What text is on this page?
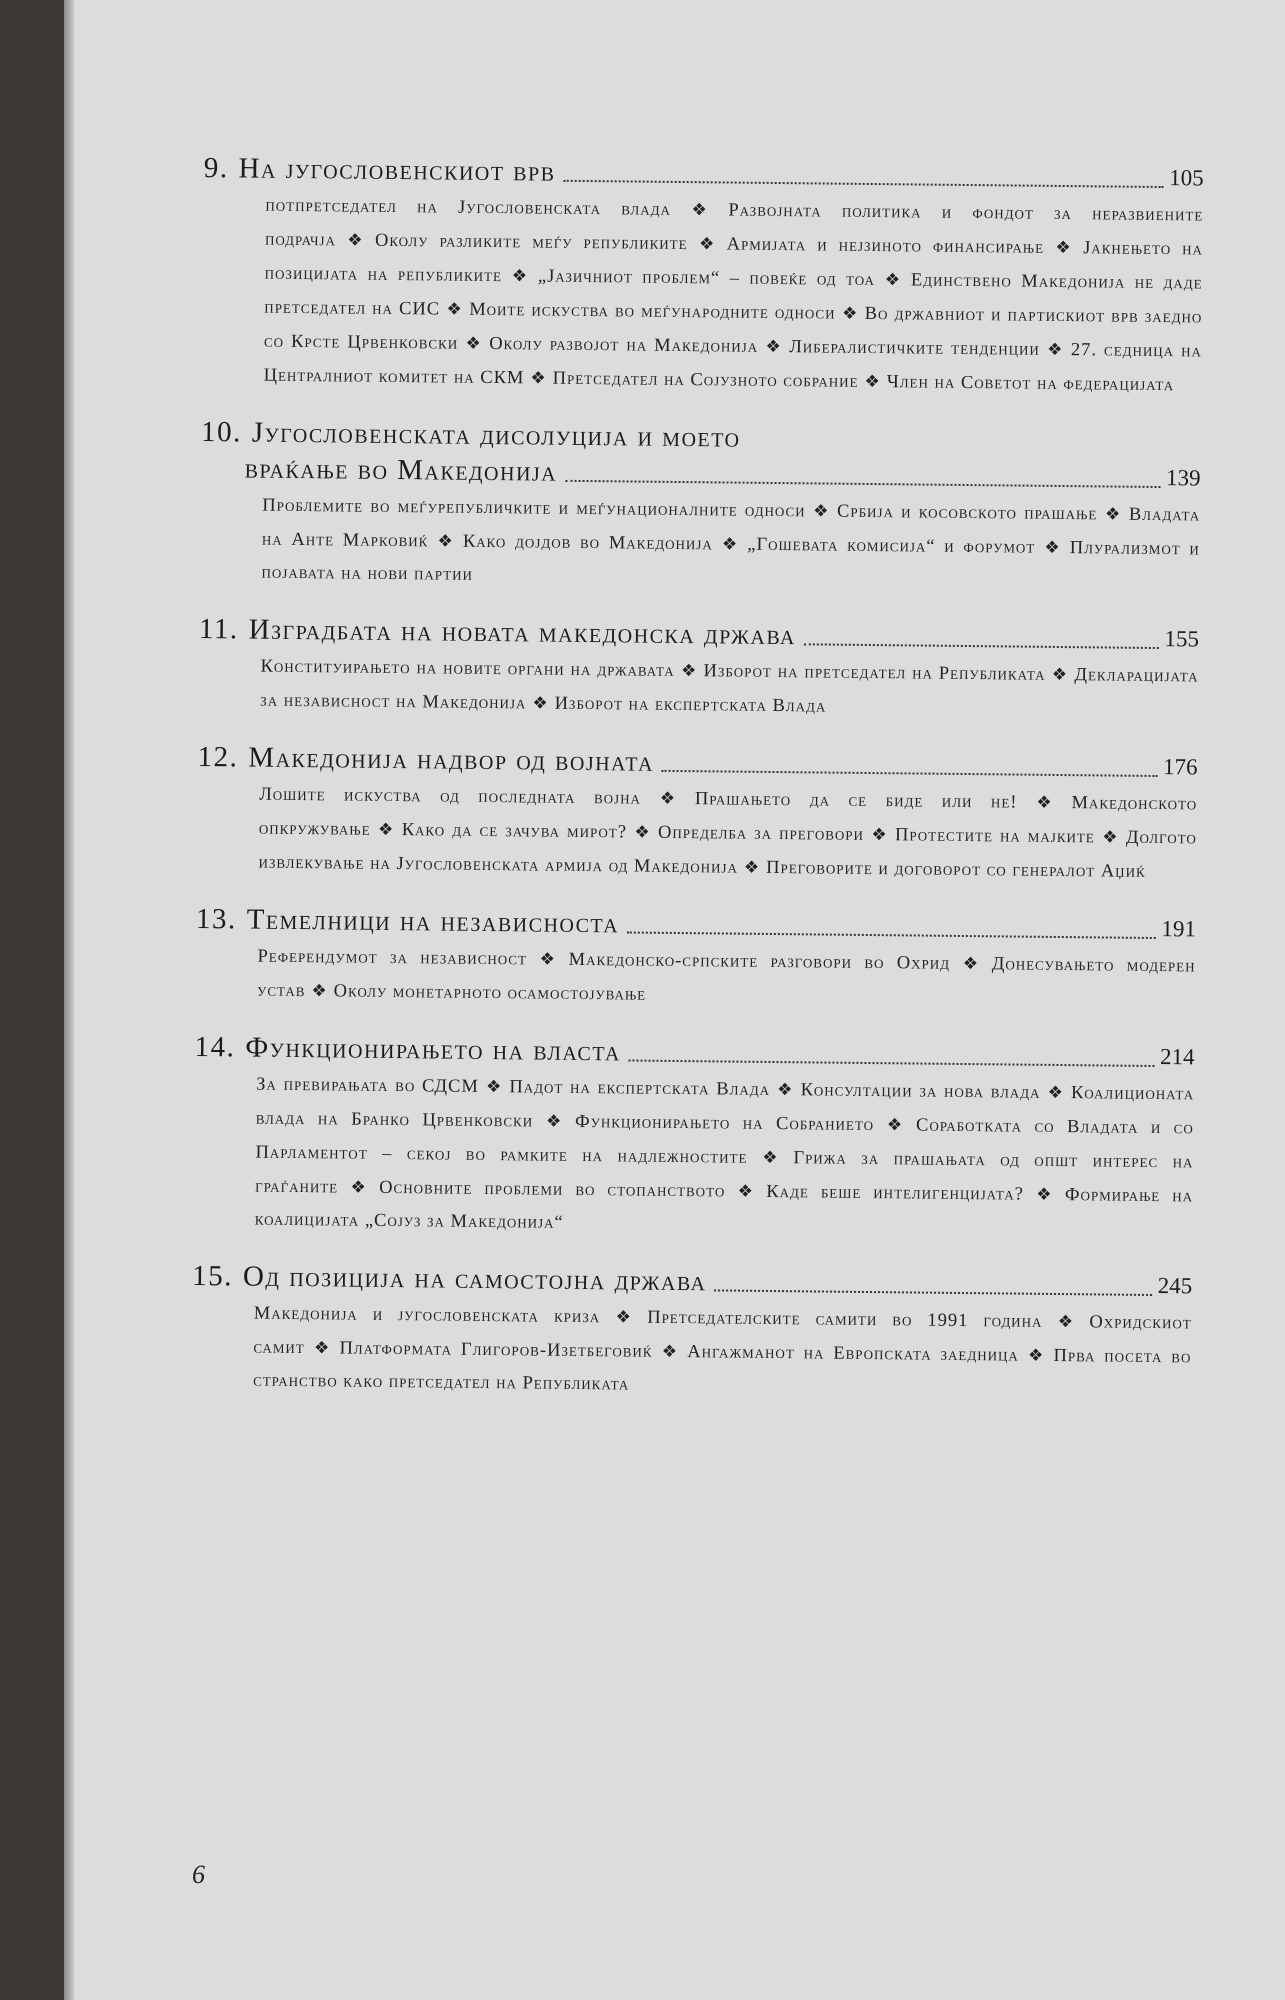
9. На југословенскиот врв	105
потпретседател на Југословенската влада ❖ Развојната политика и фондот за неразвиените подрачја ❖ Околу разликите меѓу републиките ❖ Армијата и нејзиното финансирање ❖ Јакнењето на позицијата на републиките ❖ „Јазичниот проблем“ – повеќе од тоа ❖ Единствено Македонија не даде претседател на СИС ❖ Моите искуства во меѓународните односи ❖ Во државниот и партискиот врв заедно со Крсте Црвенковски ❖ Околу развојот на Македонија ❖ Либералистичките тенденции ❖ 27. седница на Централниот комитет на СКМ ❖ Претседател на Сојузното собрание ❖ Член на Советот на федерацијата
10. Југословенската дисолуција и моето
враќање во Македонија	139
Проблемите во меѓурепубличките и меѓунационалните односи ❖ Србија и косовското прашање ❖ Владата на Анте Марковиќ ❖ Како дојдов во Македонија ❖ „Гошевата комисија“ и форумот ❖ Плурализмот и појавата на нови партии
11. Изградбата на новата македонска држава	155
Конституирањето на новите органи на државата ❖ Изборот на претседател на Републиката ❖ Декларацијата за независност на Македонија ❖ Изборот на експертската Влада
12. Македонија надвор од војната	176
Лошите искуства од последната војна ❖ Прашањето да се биде или не! ❖ Македонското опкружување ❖ Како да се зачува мирот? ❖ Определба за преговори ❖ Протестите на мајките ❖ Долгото извлекување на Југословенската армија од Македонија ❖ Преговорите и договорот со генералот Аџиќ
13. Темелници на независноста	191
Референдумот за независност ❖ Македонско-српските разговори во Охрид ❖ Донесувањето модерен устав ❖ Околу монетарното осамостојување
14. Функционирањето на власта	214
За превирањата во СДСМ ❖ Падот на експертската Влада ❖ Консултации за нова влада ❖ Коалиционата влада на Бранко Црвенковски ❖ Функционирањето на Собранието ❖ Соработката со Владата и со Парламентот – секој во рамките на надлежностите ❖ Грижа за прашањата од општ интерес на граѓаните ❖ Основните проблеми во стопанството ❖ Каде беше интелигенцијата? ❖ Формирање на коалицијата „Сојуз за Македонија“
15. Од позиција на самостојна држава	245
Македонија и југословенската криза ❖ Претседателските самити во 1991 година ❖ Охридскиот самит ❖ Платформата Глигоров-Изетбеговиќ ❖ Ангажманот на Европската заедница ❖ Прва посета во странство како претседател на Републиката
6
